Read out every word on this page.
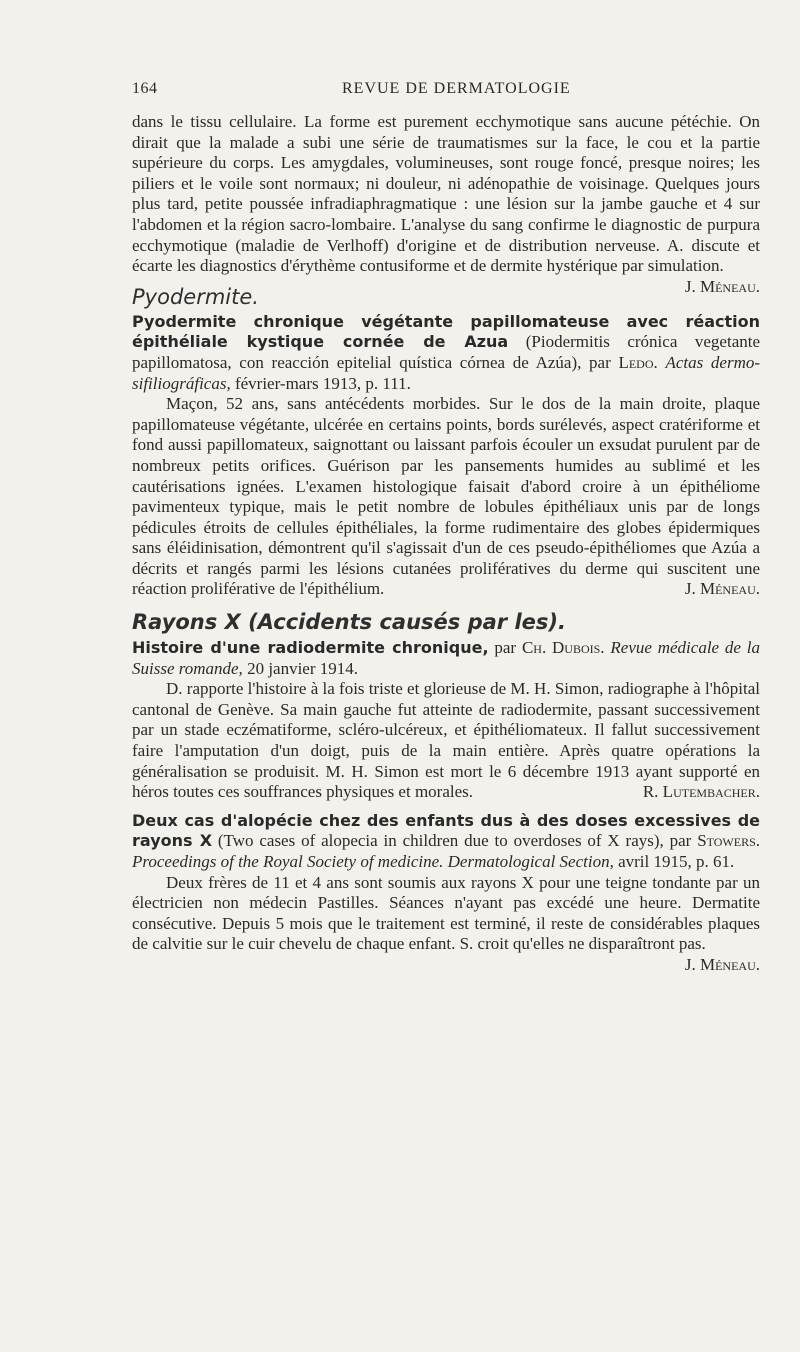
164	REVUE DE DERMATOLOGIE

dans le tissu cellulaire. La forme est purement ecchymotique sans aucune pétéchie. On dirait que la malade a subi une série de traumatismes sur la face, le cou et la partie supérieure du corps. Les amygdales, volumineuses, sont rouge foncé, presque noires; les piliers et le voile sont normaux; ni douleur, ni adénopathie de voisinage. Quelques jours plus tard, petite poussée infradiaphragmatique : une lésion sur la jambe gauche et 4 sur l'abdomen et la région sacro-lombaire. L'analyse du sang confirme le diagnostic de purpura ecchymotique (maladie de Verlhoff) d'origine et de distribution nerveuse. A. discute et écarte les diagnostics d'érythème contusiforme et de dermite hystérique par simulation.
J. Méneau.

Pyodermite.

Pyodermite chronique végétante papillomateuse avec réaction épithéliale kystique cornée de Azua (Piodermitis crónica vegetante papillomatosa, con reacción epitelial quística córnea de Azúa), par Ledo. Actas dermo-sifiliográficas, février-mars 1913, p. 111.

Maçon, 52 ans, sans antécédents morbides. Sur le dos de la main droite, plaque papillomateuse végétante, ulcérée en certains points, bords surélevés, aspect cratériforme et fond aussi papillomateux, saignottant ou laissant parfois écouler un exsudat purulent par de nombreux petits orifices. Guérison par les pansements humides au sublimé et les cautérisations ignées. L'examen histologique faisait d'abord croire à un épithéliome pavimenteux typique, mais le petit nombre de lobules épithéliaux unis par de longs pédicules étroits de cellules épithéliales, la forme rudimentaire des globes épidermiques sans éléidinisation, démontrent qu'il s'agissait d'un de ces pseudo-épithéliomes que Azúa a décrits et rangés parmi les lésions cutanées prolifératives du derme qui suscitent une réaction proliférative de l'épithélium.	J. Méneau.

Rayons X (Accidents causés par les).

Histoire d'une radiodermite chronique, par Ch. Dubois. Revue médicale de la Suisse romande, 20 janvier 1914.

D. rapporte l'histoire à la fois triste et glorieuse de M. H. Simon, radiographe à l'hôpital cantonal de Genève. Sa main gauche fut atteinte de radiodermite, passant successivement par un stade eczématiforme, scléro-ulcéreux, et épithéliomateux. Il fallut successivement faire l'amputation d'un doigt, puis de la main entière. Après quatre opérations la généralisation se produisit. M. H. Simon est mort le 6 décembre 1913 ayant supporté en héros toutes ces souffrances physiques et morales.	R. Lutembacher.

Deux cas d'alopécie chez des enfants dus à des doses excessives de rayons X (Two cases of alopecia in children due to overdoses of X rays), par Stowers. Proceedings of the Royal Society of medicine. Dermatological Section, avril 1915, p. 61.

Deux frères de 11 et 4 ans sont soumis aux rayons X pour une teigne tondante par un électricien non médecin Pastilles. Séances n'ayant pas excédé une heure. Dermatite consécutive. Depuis 5 mois que le traitement est terminé, il reste de considérables plaques de calvitie sur le cuir chevelu de chaque enfant. S. croit qu'elles ne disparaîtront pas.
J. Méneau.
